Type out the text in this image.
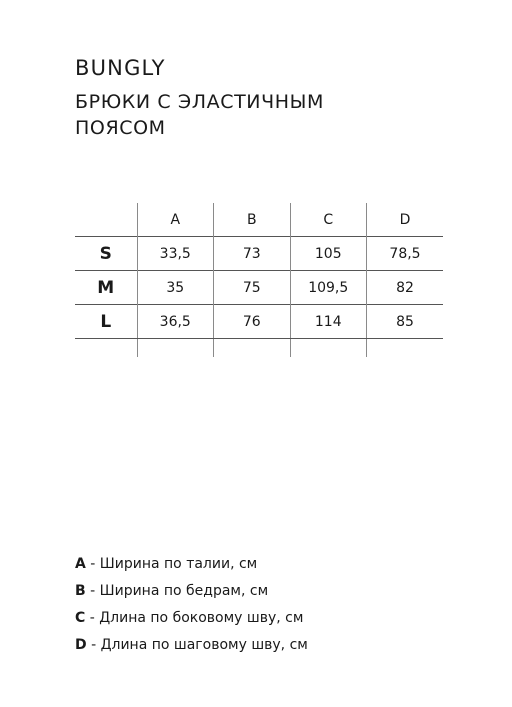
BUNGLY
БРЮКИ С ЭЛАСТИЧНЫМ
ПОЯСОМ
	A	B	C	D
S	33,5	73	105	78,5
M	35	75	109,5	82
L	36,5	76	114	85

A - Ширина по талии, см
B - Ширина по бедрам, см
C - Длина по боковому шву, см
D - Длина по шаговому шву, см
